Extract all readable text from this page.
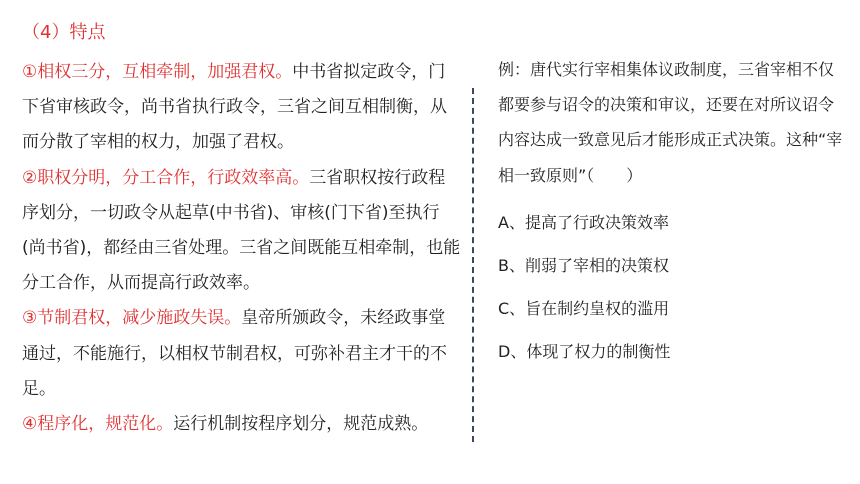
（4）特点

①相权三分，互相牵制，加强君权。中书省拟定政令，门下省审核政令，尚书省执行政令，三省之间互相制衡，从而分散了宰相的权力，加强了君权。

②职权分明，分工合作，行政效率高。三省职权按行政程序划分，一切政令从起草(中书省)、审核(门下省)至执行(尚书省)，都经由三省处理。三省之间既能互相牵制，也能分工合作，从而提高行政效率。

③节制君权，减少施政失误。皇帝所颁政令，未经政事堂通过，不能施行，以相权节制君权，可弥补君主才干的不足。

④程序化，规范化。运行机制按程序划分，规范成熟。

例：唐代实行宰相集体议政制度，三省宰相不仅都要参与诏令的决策和审议，还要在对所议诏令内容达成一致意见后才能形成正式决策。这种“宰相一致原则”（　　）

A、提高了行政决策效率
B、削弱了宰相的决策权
C、旨在制约皇权的滥用
D、体现了权力的制衡性
